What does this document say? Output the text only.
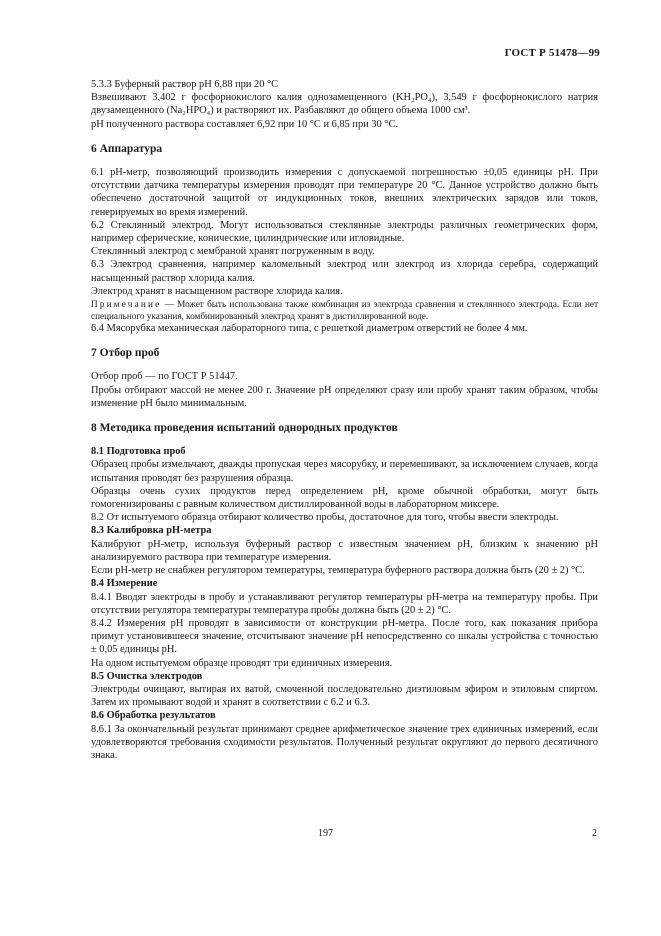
ГОСТ Р 51478—99

5.3.3 Буферный раствор pH 6,88 при 20 °С

Взвешивают 3,402 г фосфорнокислого калия однозамещенного (KH₂PO₄), 3,549 г фосфорнокислого натрия двузамещенного (Na₂HPO₄) и растворяют их. Разбавляют до общего объема 1000 см³.

pH полученного раствора составляет 6,92 при 10 °С и 6,85 при 30 °С.

6 Аппаратура

6.1 pH-метр, позволяющий производить измерения с допускаемой погрешностью ±0,05 единицы pH. При отсутствии датчика температуры измерения проводят при температуре 20 °С. Данное устройство должно быть обеспечено достаточной защитой от индукционных токов, внешних электрических зарядов или токов, генерируемых во время измерений.

6.2 Стеклянный электрод. Могут использоваться стеклянные электроды различных геометрических форм, например сферические, конические, цилиндрические или игловидные.

Стеклянный электрод с мембраной хранят погруженным в воду.

6.3 Электрод сравнения, например каломельный электрод или электрод из хлорида серебра, содержащий насыщенный раствор хлорида калия.

Электрод хранят в насыщенном растворе хлорида калия.

Примечание — Может быть использована также комбинация из электрода сравнения и стеклянного электрода. Если нет специального указания, комбинированный электрод хранят в дистиллированной воде.

6.4 Мясорубка механическая лабораторного типа, с решеткой диаметром отверстий не более 4 мм.

7 Отбор проб

Отбор проб — по ГОСТ Р 51447.

Пробы отбирают массой не менее 200 г. Значение pH определяют сразу или пробу хранят таким образом, чтобы изменение pH было минимальным.

8 Методика проведения испытаний однородных продуктов
8.1 Подготовка проб

Образец пробы измельчают, дважды пропуская через мясорубку, и перемешивают, за исключением случаев, когда испытания проводят без разрушения образца.

Образцы очень сухих продуктов перед определением pH, кроме обычной обработки, могут быть гомогенизированы с равным количеством дистиллированной воды в лабораторном миксере.

8.2 От испытуемого образца отбирают количество пробы, достаточное для того, чтобы ввести электроды.

8.3 Калибровка pH-метра

Калибруют pH-метр, используя буферный раствор с известным значением pH, близким к значению pH анализируемого раствора при температуре измерения.

Если pH-метр не снабжен регулятором температуры, температура буферного раствора должна быть (20 ± 2) °С.

8.4 Измерение

8.4.1 Вводят электроды в пробу и устанавливают регулятор температуры pH-метра на температуру пробы. При отсутствии регулятора температуры температура пробы должна быть (20 ± 2) °С.

8.4.2 Измерения pH проводят в зависимости от конструкции pH-метра. После того, как показания прибора примут установившееся значение, отсчитывают значение pH непосредственно со шкалы устройства с точностью ± 0,05 единицы pH.

На одном испытуемом образце проводят три единичных измерения.

8.5 Очистка электродов

Электроды очищают, вытирая их ватой, смоченной последовательно диэтиловым эфиром и этиловым спиртом. Затем их промывают водой и хранят в соответствии с 6.2 и 6.3.

8.6 Обработка результатов

8.6.1 За окончательный результат принимают среднее арифметическое значение трех единичных измерений, если удовлетворяются требования сходимости результатов. Полученный результат округляют до первого десятичного знака.

197	2
